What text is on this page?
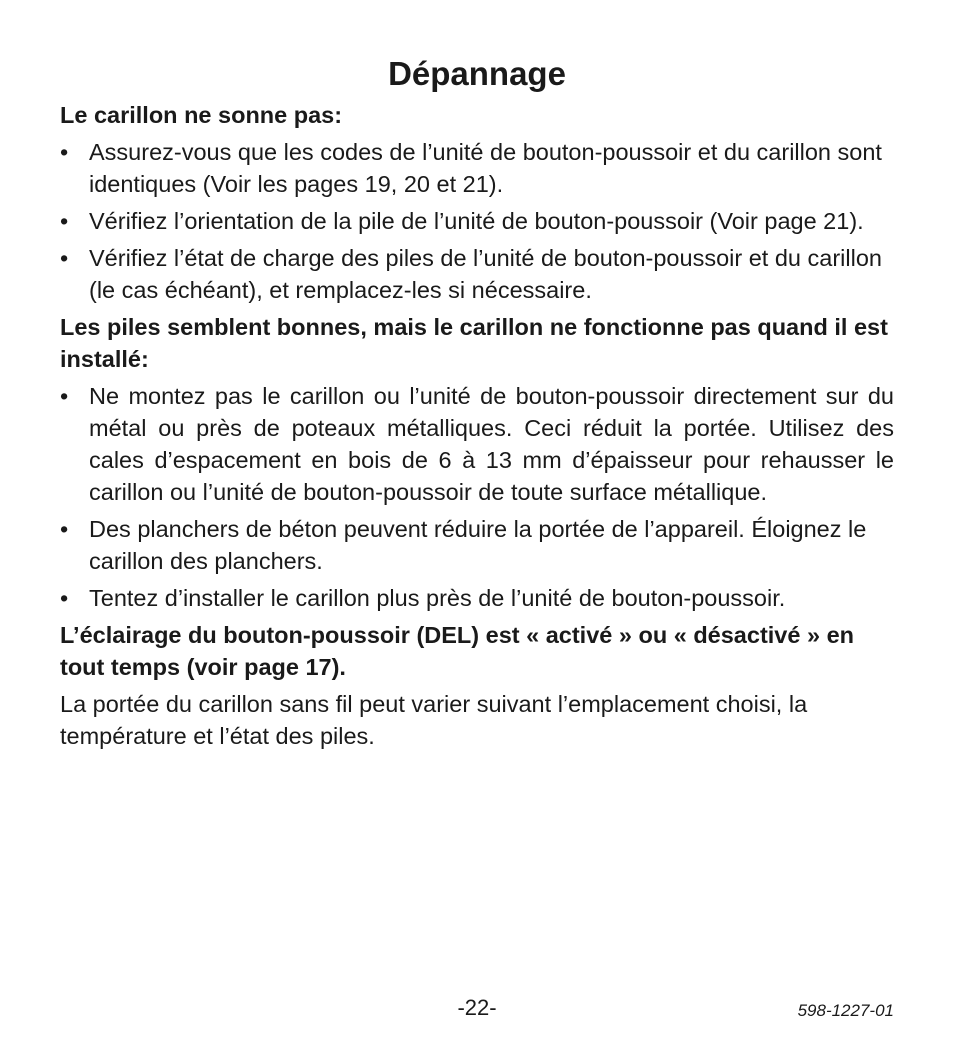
Dépannage

Le carillon ne sonne pas:

• Assurez-vous que les codes de l’unité de bouton-poussoir et du carillon sont identiques (Voir les pages 19, 20 et 21).
• Vérifiez l’orientation de la pile de l’unité de bouton-poussoir (Voir page 21).
• Vérifiez l’état de charge des piles de l’unité de bouton-poussoir et du carillon (le cas échéant), et remplacez-les si nécessaire.

Les piles semblent bonnes, mais le carillon ne fonctionne pas quand il est installé:

• Ne montez pas le carillon ou l’unité de bouton-poussoir directement sur du métal ou près de poteaux métalliques. Ceci réduit la portée. Utilisez des cales d’espacement en bois de 6 à 13 mm d’épaisseur pour rehausser le carillon ou l’unité de bouton-poussoir de toute surface métallique.
• Des planchers de béton peuvent réduire la portée de l’appareil. Éloignez le carillon des planchers.
• Tentez d’installer le carillon plus près de l’unité de bouton-poussoir.

L’éclairage du bouton-poussoir (DEL) est « activé » ou « désactivé » en tout temps (voir page 17).

La portée du carillon sans fil peut varier suivant l’emplacement choisi, la température et l’état des piles.

-22-	598-1227-01
